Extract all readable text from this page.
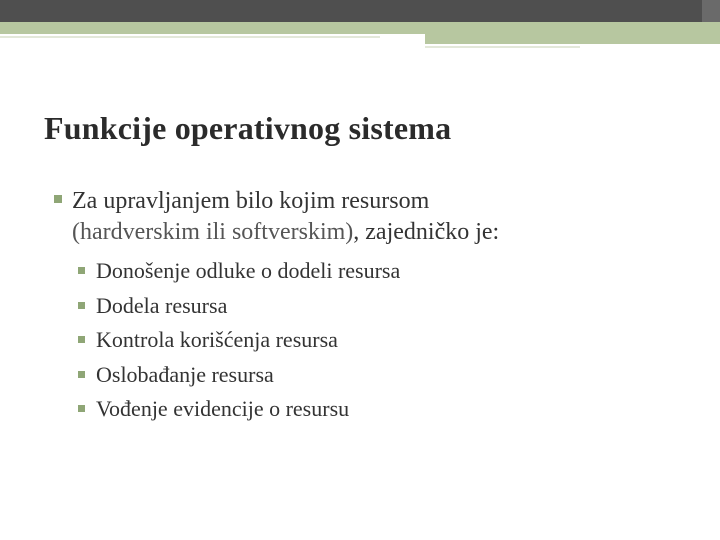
Funkcije operativnog sistema
Za upravljanjem bilo kojim resursom
(hardverskim ili softverskim), zajedničko je:
Donošenje odluke o dodeli resursa
Dodela resursa
Kontrola korišćenja resursa
Oslobađanje resursa
Vođenje evidencije o resursu
